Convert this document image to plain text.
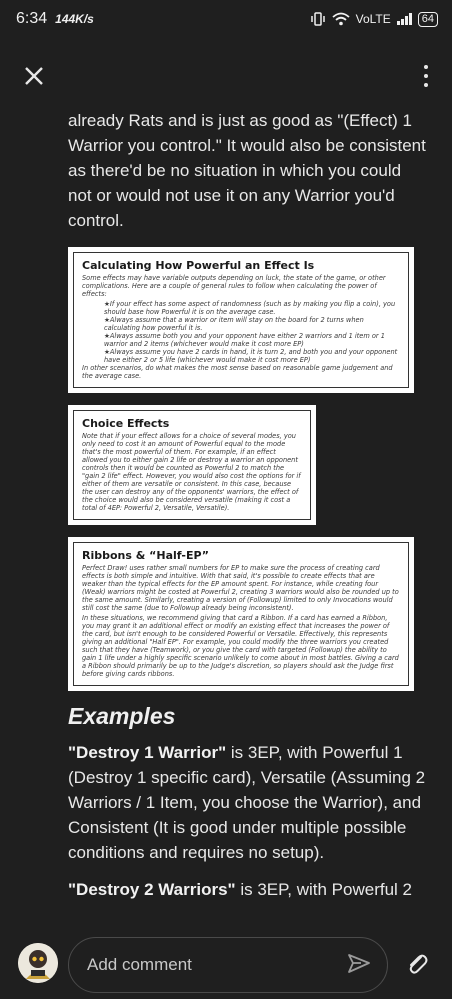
6:34 144K/s	VoLTE	64

already Rats and is just as good as "(Effect) 1 Warrior you control." It would also be consistent as there'd be no situation in which you could not or would not use it on any Warrior you'd control.

Calculating How Powerful an Effect Is

Some effects may have variable outputs depending on luck, the state of the game, or other complications. Here are a couple of general rules to follow when calculating the power of effects:

★ If your effect has some aspect of randomness (such as by making you flip a coin), you should base how Powerful it is on the average case.
★ Always assume that a warrior or item will stay on the board for 2 turns when calculating how powerful it is.
★ Always assume both you and your opponent have either 2 warriors and 1 item or 1 warrior and 2 items (whichever would make it cost more EP)
★ Always assume you have 2 cards in hand, it is turn 2, and both you and your opponent have either 2 or 5 life (whichever would make it cost more EP)

In other scenarios, do what makes the most sense based on reasonable game judgement and the average case.

Choice Effects

Note that if your effect allows for a choice of several modes, you only need to cost it an amount of Powerful equal to the mode that's the most powerful of them. For example, if an effect allowed you to either gain 2 life or destroy a warrior an opponent controls then it would be counted as Powerful 2 to match the "gain 2 life" effect. However, you would also cost the options for if either of them are versatile or consistent. In this case, because the user can destroy any of the opponents' warriors, the effect of the choice would also be considered versatile (making it cost a total of 4EP: Powerful 2, Versatile, Versatile).

Ribbons & “Half-EP”

Perfect Draw! uses rather small numbers for EP to make sure the process of creating card effects is both simple and intuitive. With that said, it's possible to create effects that are weaker than the typical effects for the EP amount spent. For instance, while creating four (Weak) warriors might be costed at Powerful 2, creating 3 warriors would also be rounded up to the same amount. Similarly, creating a version of (Followup) limited to only Invocations would still cost the same (due to Followup already being inconsistent).

In these situations, we recommend giving that card a Ribbon. If a card has earned a Ribbon, you may grant it an additional effect or modify an existing effect that increases the power of the card, but isn't enough to be considered Powerful or Versatile. Effectively, this represents giving an additional "Half EP". For example, you could modify the three warriors you created such that they have (Teamwork), or you give the card with targeted (Followup) the ability to gain 1 life under a highly specific scenario unlikely to come about in most battles. Giving a card a Ribbon should primarily be up to the Judge's discretion, so players should ask the Judge first before giving cards ribbons.

Examples

"Destroy 1 Warrior" is 3EP, with Powerful 1 (Destroy 1 specific card), Versatile (Assuming 2 Warriors / 1 Item, you choose the Warrior), and Consistent (It is good under multiple possible conditions and requires no setup).

"Destroy 2 Warriors" is 3EP, with Powerful 2

Add comment
